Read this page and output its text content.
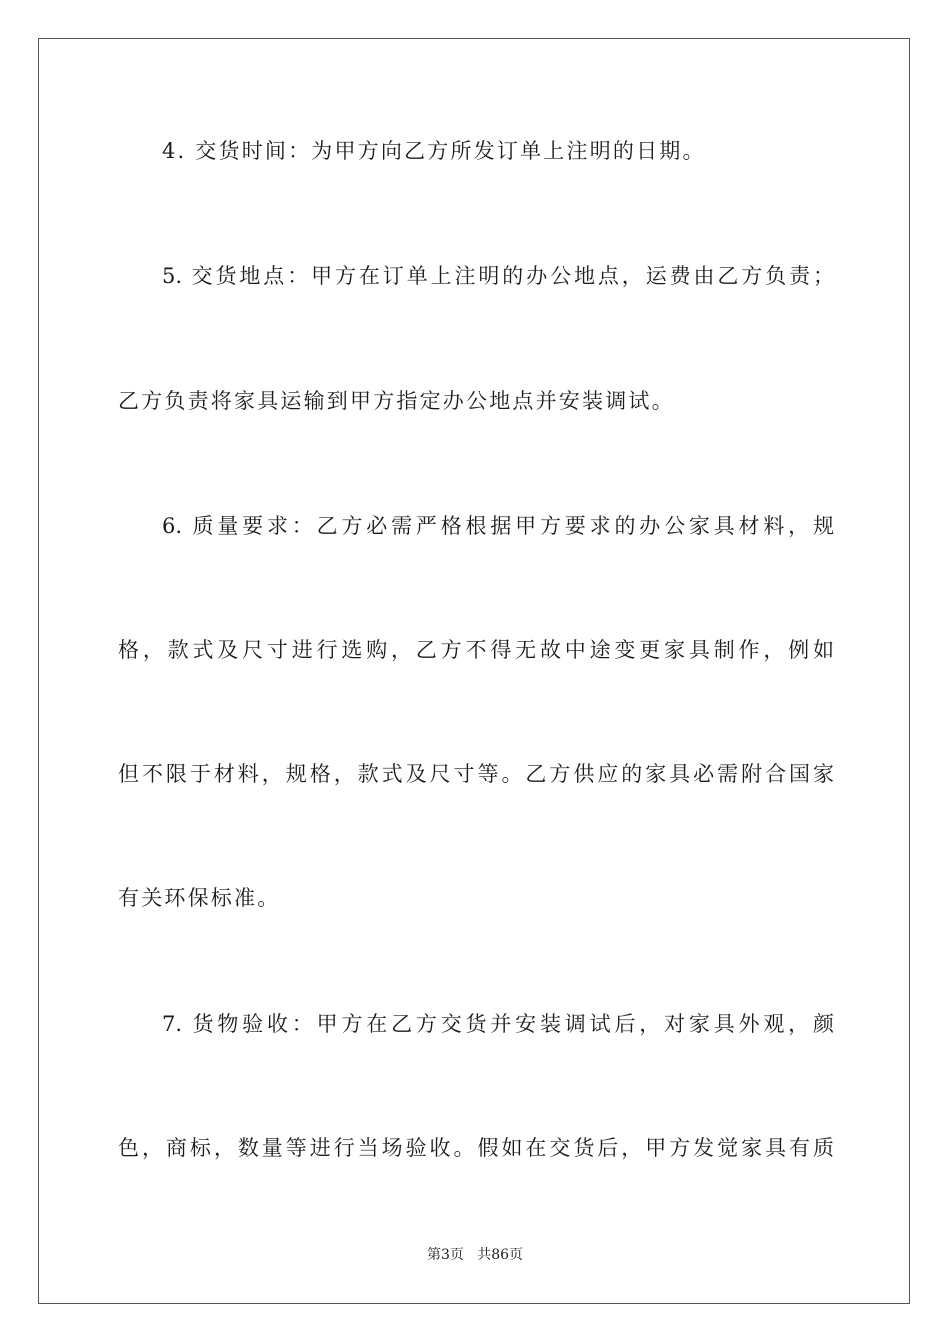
4. 交货时间：为甲方向乙方所发订单上注明的日期。
5. 交货地点：甲方在订单上注明的办公地点，运费由乙方负责；
乙方负责将家具运输到甲方指定办公地点并安装调试。
6. 质量要求：乙方必需严格根据甲方要求的办公家具材料，规
格，款式及尺寸进行选购，乙方不得无故中途变更家具制作，例如
但不限于材料，规格，款式及尺寸等。乙方供应的家具必需附合国家
有关环保标准。
7. 货物验收：甲方在乙方交货并安装调试后，对家具外观，颜
色，商标，数量等进行当场验收。假如在交货后，甲方发觉家具有质
第3页   共86页
